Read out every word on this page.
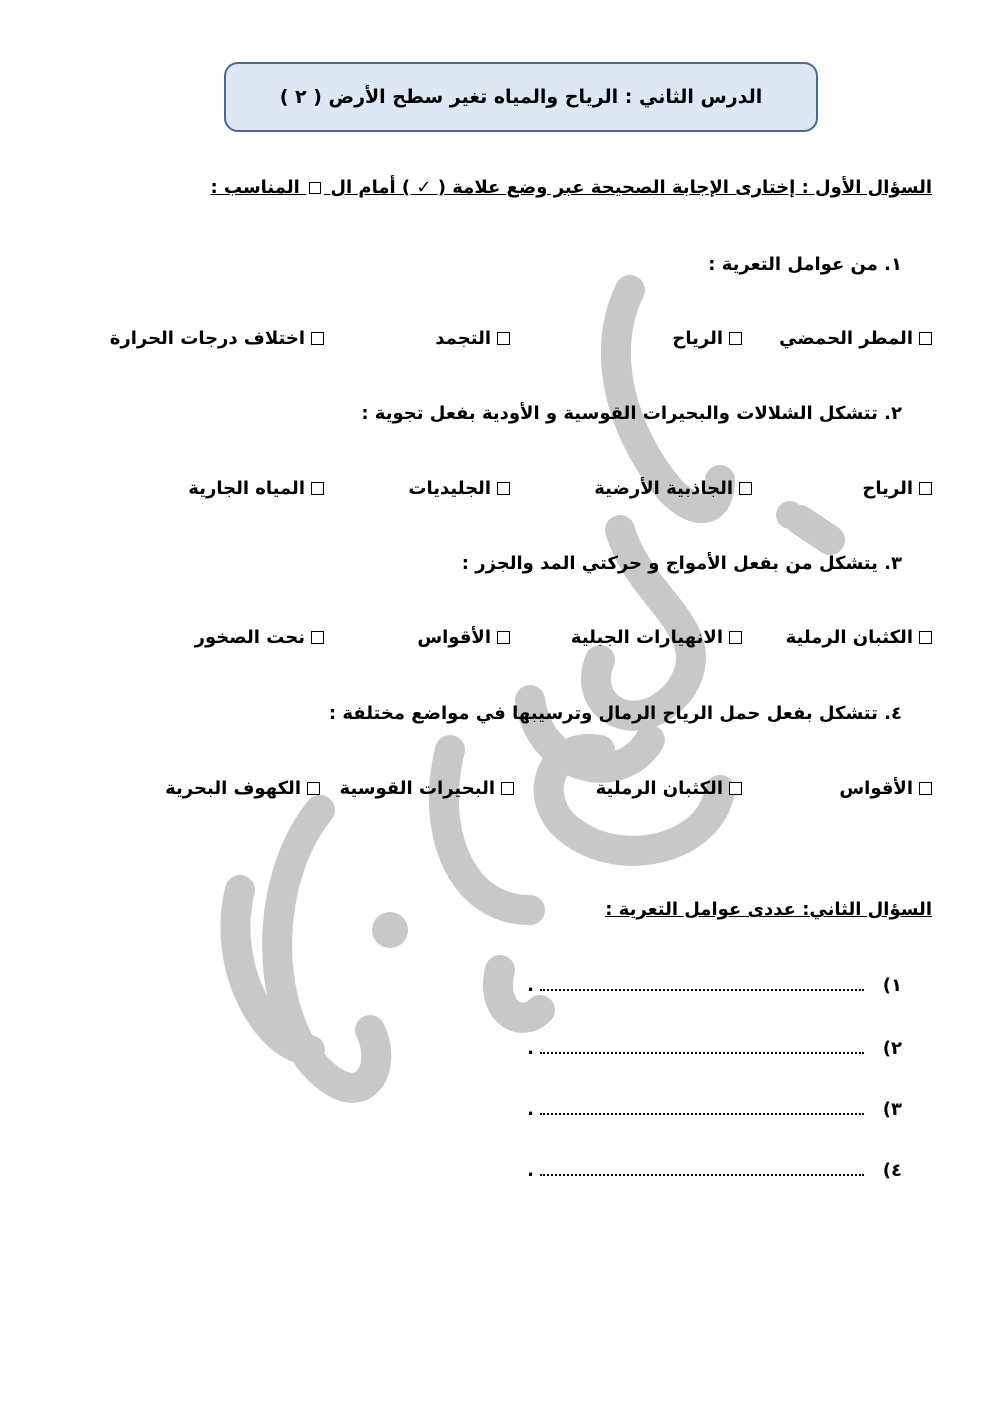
الدرس الثاني : الرياح والمياه تغير سطح الأرض ( ٢ )
السؤال الأول : إختارى الإجابة الصحيحة عبر وضع علامة ( ✓ ) أمام ال  المناسب :
١. من عوامل التعرية :
المطر الحمضي
الرياح
التجمد
اختلاف درجات الحرارة
٢. تتشكل الشلالات والبحيرات القوسية و الأودية بفعل تجوية :
الرياح
الجاذبية الأرضية
الجليديات
المياه الجارية
٣. يتشكل من بفعل الأمواج و حركتي المد والجزر :
الكثبان الرملية
الانهيارات الجبلية
الأقواس
نحت الصخور
٤. تتشكل بفعل حمل الرياح الرمال وترسيبها في مواضع مختلفة :
الأقواس
الكثبان الرملية
البحيرات القوسية
الكهوف البحرية
السؤال الثاني: عددى عوامل التعرية :
١)
.
٢)
.
٣)
.
٤)
.
